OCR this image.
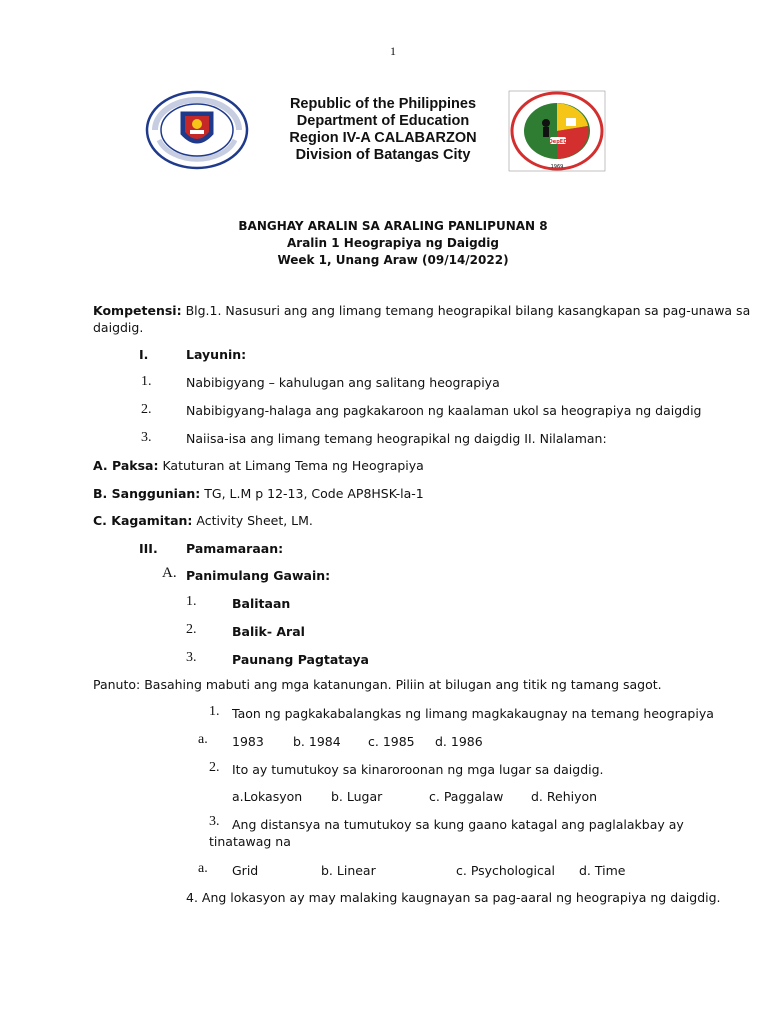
1
Republic of the Philippines
Department of Education
Region IV-A CALABARZON
Division of Batangas City
DepED
1969
BANGHAY ARALIN SA ARALING PANLIPUNAN 8
Aralin 1 Heograpiya ng Daigdig
Week 1, Unang Araw (09/14/2022)
Kompetensi: Blg.1. Nasusuri ang ang limang temang heograpikal bilang kasangkapan sa pag-unawa sa
daigdig.
I.	Layunin:
1.	Nabibigyang – kahulugan ang salitang heograpiya
2.	Nabibigyang-halaga ang pagkakaroon ng kaalaman ukol sa heograpiya ng daigdig
3.	Naiisa-isa ang limang temang heograpikal ng daigdig II. Nilalaman:
A. Paksa: Katuturan at Limang Tema ng Heograpiya
B. Sanggunian: TG, L.M p 12-13, Code AP8HSK-la-1
C. Kagamitan: Activity Sheet, LM.
III. Pamamaraan:
A. Panimulang Gawain:
1.	Balitaan
2.	Balik- Aral
3.	Paunang Pagtataya
Panuto: Basahing mabuti ang mga katanungan. Piliin at bilugan ang titik ng tamang sagot.
1. Taon ng pagkakabalangkas ng limang magkakaugnay na temang heograpiya
a. 1983 b. 1984 c. 1985 d. 1986
2. Ito ay tumutukoy sa kinaroroonan ng mga lugar sa daigdig.
a.Lokasyon b. Lugar	c. Paggalaw d. Rehiyon
3. Ang distansya na tumutukoy sa kung gaano katagal ang paglalakbay ay
tinatawag na
a. Grid	b. Linear	c. Psychological d. Time
4. Ang lokasyon ay may malaking kaugnayan sa pag-aaral ng heograpiya ng daigdig.
